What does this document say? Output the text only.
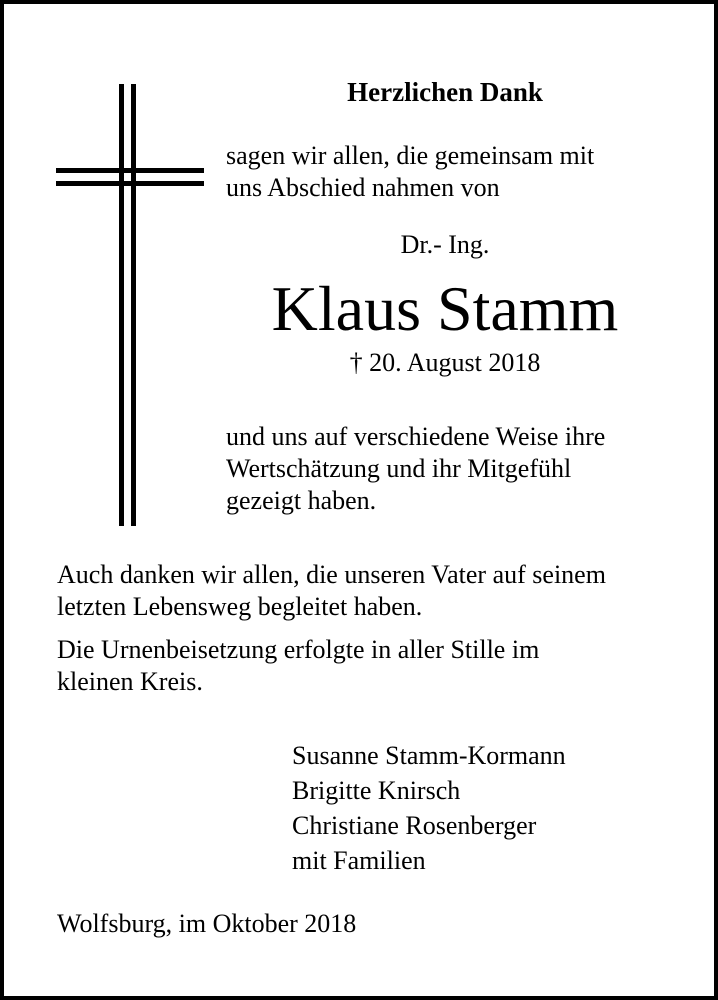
Herzlichen Dank

sagen wir allen, die gemeinsam mit
uns Abschied nahmen von

Dr.- Ing.

Klaus Stamm

† 20. August 2018

und uns auf verschiedene Weise ihre
Wertschätzung und ihr Mitgefühl
gezeigt haben.

Auch danken wir allen, die unseren Vater auf seinem
letzten Lebensweg begleitet haben.

Die Urnenbeisetzung erfolgte in aller Stille im
kleinen Kreis.

Susanne Stamm-Kormann
Brigitte Knirsch
Christiane Rosenberger
mit Familien

Wolfsburg, im Oktober 2018
